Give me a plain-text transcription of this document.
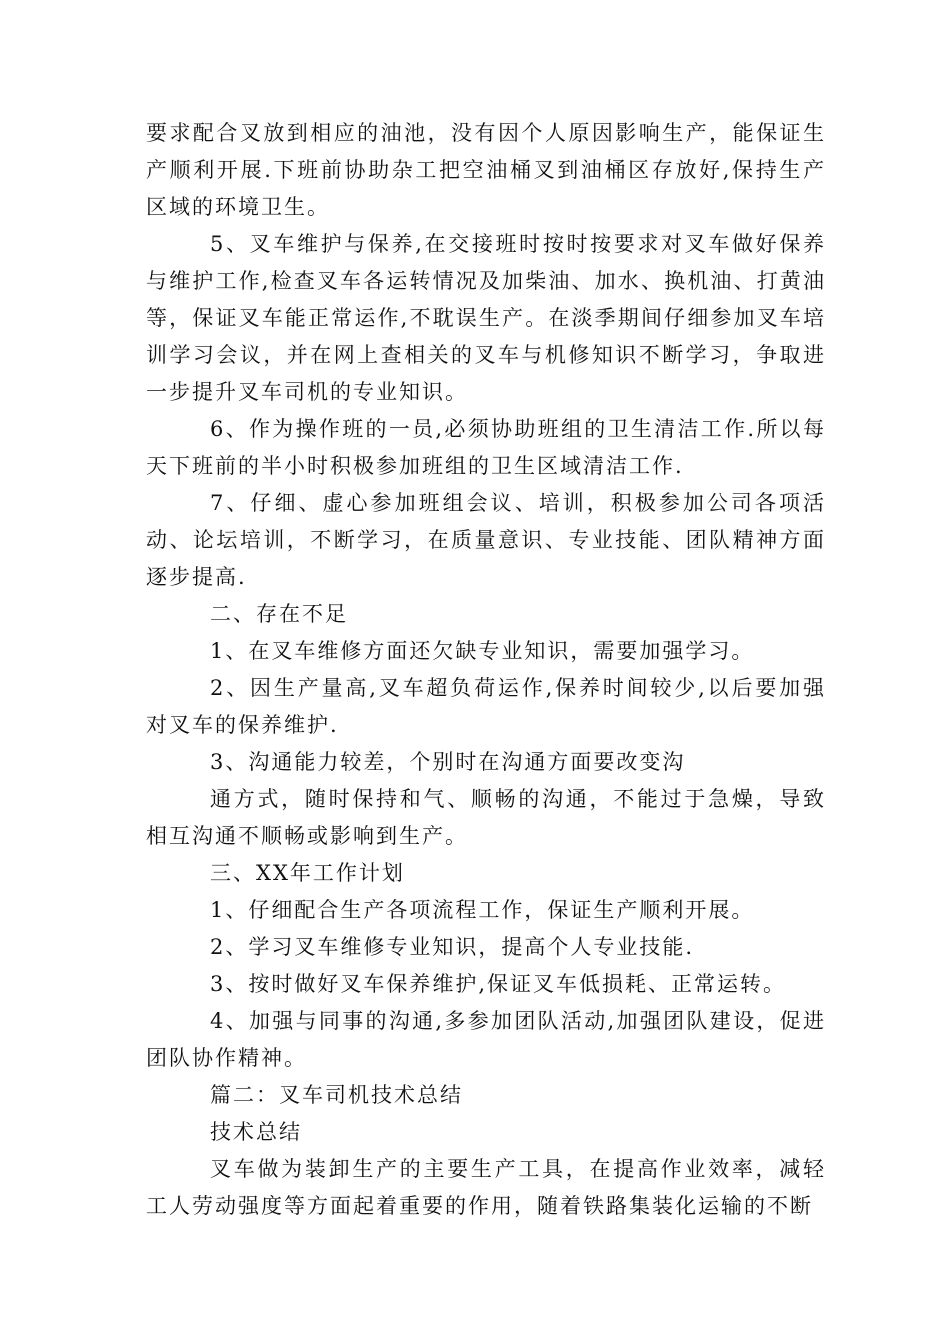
要求配合叉放到相应的油池，没有因个人原因影响生产，能保证生产顺利开展.下班前协助杂工把空油桶叉到油桶区存放好,保持生产区域的环境卫生。

5、叉车维护与保养,在交接班时按时按要求对叉车做好保养与维护工作,检查叉车各运转情况及加柴油、加水、换机油、打黄油等，保证叉车能正常运作,不耽误生产。在淡季期间仔细参加叉车培训学习会议，并在网上查相关的叉车与机修知识不断学习，争取进一步提升叉车司机的专业知识。

6、作为操作班的一员,必须协助班组的卫生清洁工作.所以每天下班前的半小时积极参加班组的卫生区域清洁工作.

7、仔细、虚心参加班组会议、培训，积极参加公司各项活动、论坛培训，不断学习，在质量意识、专业技能、团队精神方面逐步提高.

二、存在不足

1、在叉车维修方面还欠缺专业知识，需要加强学习。

2、因生产量高,叉车超负荷运作,保养时间较少,以后要加强对叉车的保养维护.

3、沟通能力较差，个别时在沟通方面要改变沟

通方式，随时保持和气、顺畅的沟通，不能过于急燥，导致相互沟通不顺畅或影响到生产。

三、XX年工作计划

1、仔细配合生产各项流程工作，保证生产顺利开展。

2、学习叉车维修专业知识，提高个人专业技能.

3、按时做好叉车保养维护,保证叉车低损耗、正常运转。

4、加强与同事的沟通,多参加团队活动,加强团队建设，促进团队协作精神。

篇二：叉车司机技术总结

技术总结

叉车做为装卸生产的主要生产工具，在提高作业效率，减轻工人劳动强度等方面起着重要的作用，随着铁路集装化运输的不断
